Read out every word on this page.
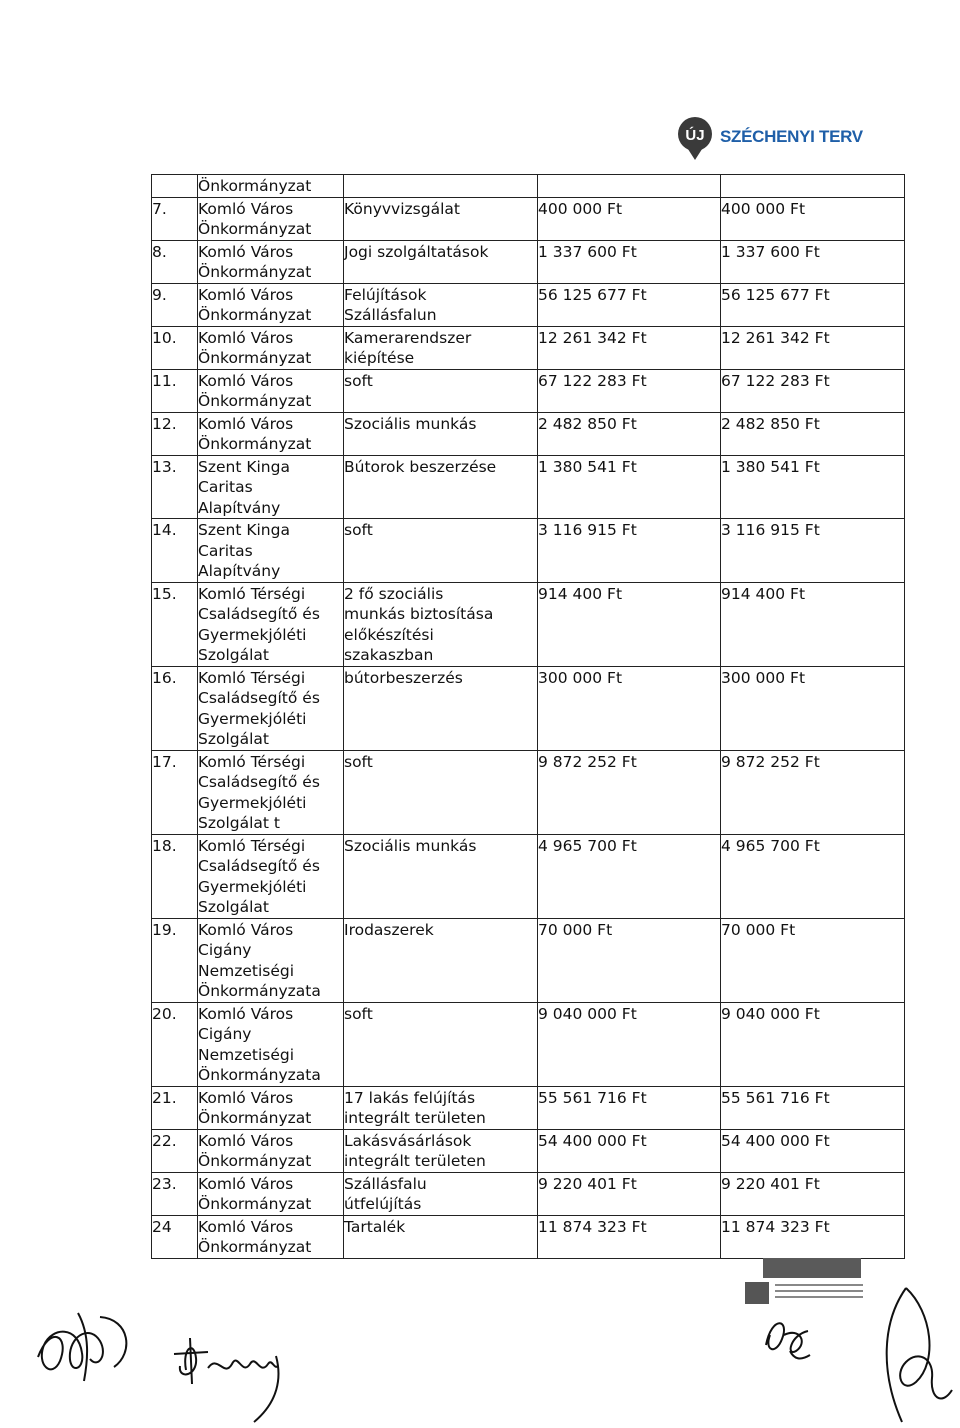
ÚJ SZÉCHENYI TERV
	Önkormányzat			
7.	Komló Város
Önkormányzat	Könyvvizsgálat	400 000 Ft	400 000 Ft
8.	Komló Város
Önkormányzat	Jogi szolgáltatások	1 337 600 Ft	1 337 600 Ft
9.	Komló Város
Önkormányzat	Felújítások
Szállásfalun	56 125 677 Ft	56 125 677 Ft
10.	Komló Város
Önkormányzat	Kamerarendszer
kiépítése	12 261 342 Ft	12 261 342 Ft
11.	Komló Város
Önkormányzat	soft	67 122 283 Ft	67 122 283 Ft
12.	Komló Város
Önkormányzat	Szociális munkás	2 482 850 Ft	2 482 850 Ft
13.	Szent Kinga
Caritas
Alapítvány	Bútorok beszerzése	1 380 541 Ft	1 380 541 Ft
14.	Szent Kinga
Caritas
Alapítvány	soft	3 116 915 Ft	3 116 915 Ft
15.	Komló Térségi
Családsegítő és
Gyermekjóléti
Szolgálat	2 fő szociális
munkás biztosítása
előkészítési
szakaszban	914 400 Ft	914 400 Ft
16.	Komló Térségi
Családsegítő és
Gyermekjóléti
Szolgálat	bútorbeszerzés	300 000 Ft	300 000 Ft
17.	Komló Térségi
Családsegítő és
Gyermekjóléti
Szolgálat t	soft	9 872 252 Ft	9 872 252 Ft
18.	Komló Térségi
Családsegítő és
Gyermekjóléti
Szolgálat	Szociális munkás	4 965 700 Ft	4 965 700 Ft
19.	Komló Város
Cigány
Nemzetiségi
Önkormányzata	Irodaszerek	70 000 Ft	70 000 Ft
20.	Komló Város
Cigány
Nemzetiségi
Önkormányzata	soft	9 040 000 Ft	9 040 000 Ft
21.	Komló Város
Önkormányzat	17 lakás felújítás
integrált területen	55 561 716 Ft	55 561 716 Ft
22.	Komló Város
Önkormányzat	Lakásvásárlások
integrált területen	54 400 000 Ft	54 400 000 Ft
23.	Komló Város
Önkormányzat	Szállásfalu
útfelújítás	9 220 401 Ft	9 220 401 Ft
24	Komló Város
Önkormányzat	Tartalék	11 874 323 Ft	11 874 323 Ft
